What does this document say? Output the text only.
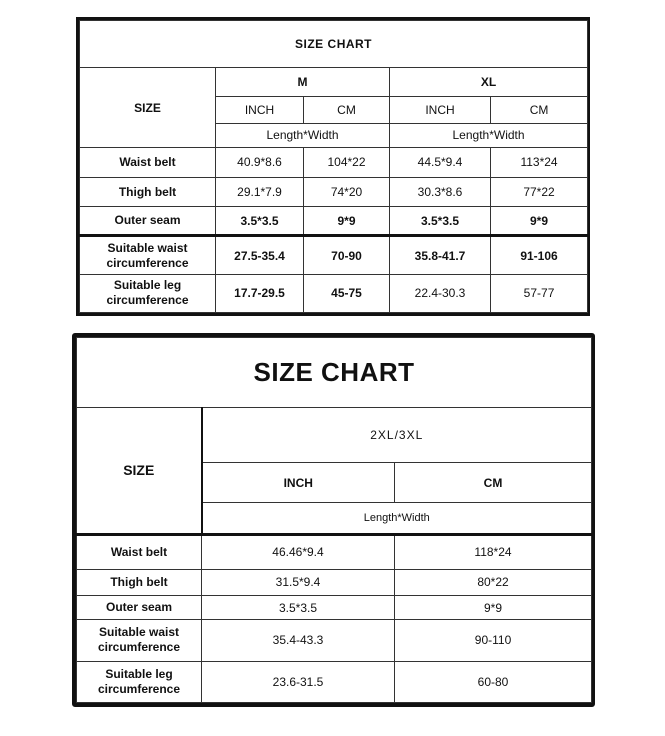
SIZE CHART				
SIZE	M		XL	
	INCH	CM	INCH	CM
	Length*Width		Length*Width	
Waist belt	40.9*8.6	104*22	44.5*9.4	113*24
Thigh belt	29.1*7.9	74*20	30.3*8.6	77*22
Outer seam	3.5*3.5	9*9	3.5*3.5	9*9
Suitable waist circumference	27.5-35.4	70-90	35.8-41.7	91-106
Suitable leg circumference	17.7-29.5	45-75	22.4-30.3	57-77
SIZE CHART		
SIZE	2XL/3XL	
	INCH	CM
	Length*Width	
Waist belt	46.46*9.4	118*24
Thigh belt	31.5*9.4	80*22
Outer seam	3.5*3.5	9*9
Suitable waist circumference	35.4-43.3	90-110
Suitable leg circumference	23.6-31.5	60-80
